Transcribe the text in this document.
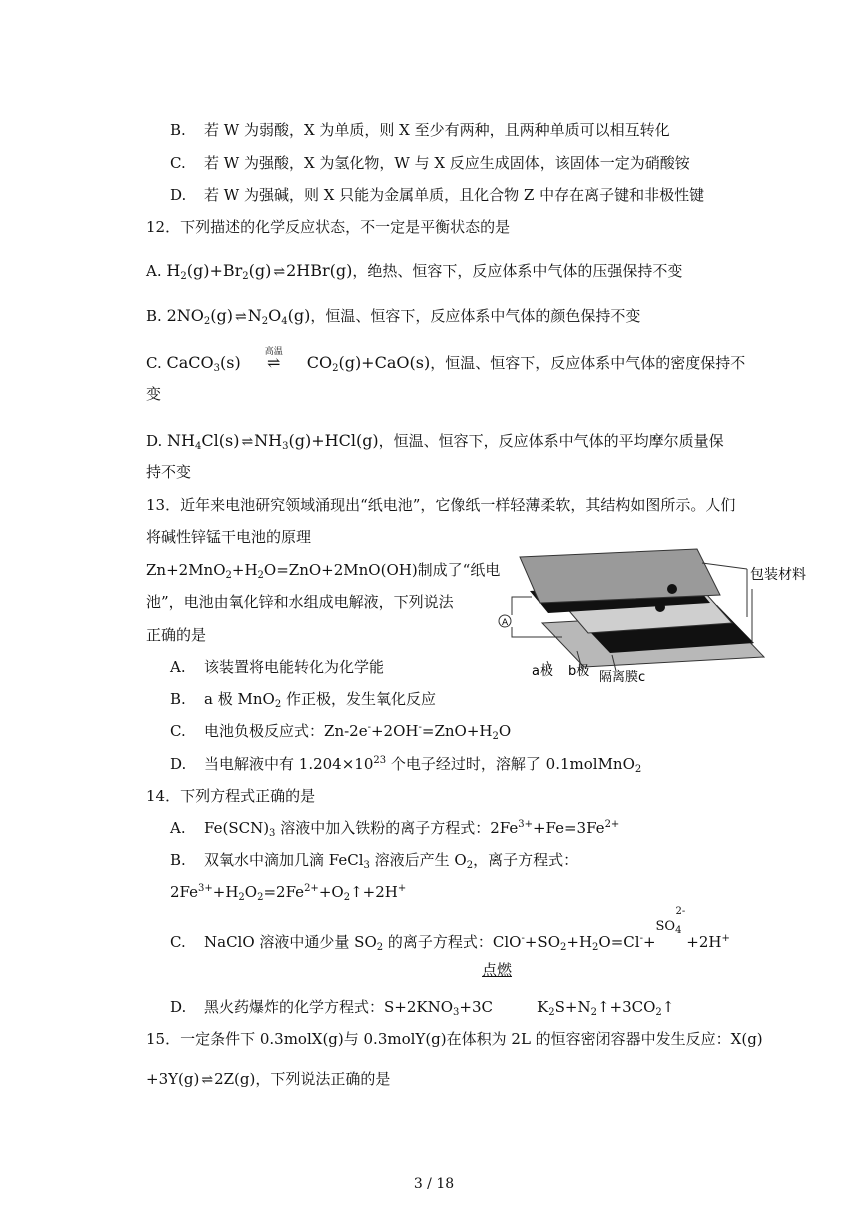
B. 若 W 为弱酸，X 为单质，则 X 至少有两种，且两种单质可以相互转化
C. 若 W 为强酸，X 为氢化物，W 与 X 反应生成固体，该固体一定为硝酸铵
D. 若 W 为强碱，则 X 只能为金属单质，且化合物 Z 中存在离子键和非极性键
12．下列描述的化学反应状态，不一定是平衡状态的是
A. $H_2(g)+Br_2(g)$ ⇌ 2HBr(g)，绝热、恒容下，反应体系中气体的压强保持不变
B. $2NO_2(g)$ ⇌ $N_2O_4(g)$，恒温、恒容下，反应体系中气体的颜色保持不变
C. CaCO$_3$(s)
高温
⇌ $CO_2(g)+CaO(s)$，恒温、恒容下，反应体系中气体的密度保持不
变
D. $NH_4Cl(s)$ ⇌ $NH_3(g)+HCl(g)$，恒温、恒容下，反应体系中气体的平均摩尔质量保
持不变
13．近年来电池研究领域涌现出“纸电池”，它像纸一样轻薄柔软，其结构如图所示。人们
将碱性锌锰干电池的原理
$Zn+2MnO_2+H_2O=ZnO+2MnO(OH)$制成了“纸电
池”，电池由氧化锌和水组成电解液，下列说法
正确的是
A. 该装置将电能转化为化学能
B. a 极 MnO$_2$ 作正极，发生氧化反应
C. 电池负极反应式：$Zn-2e^-+2OH^-=ZnO+H_2O$
D. 当电解液中有 $1.204\times 10^{23}$ 个电子经过时，溶解了 0.1molMnO$_2$
A
包装材料
a极 b极 隔离膜c
14．下列方程式正确的是
A. $Fe(SCN)_3$ 溶液中加入铁粉的离子方程式：$2Fe^{3+}+Fe=3Fe^{2+}$
B. 双氧水中滴加几滴 FeCl$_3$ 溶液后产生 $O_2$，离子方程式：
$2Fe^{3+}+H_2O_2=2Fe^{2+}+O_2↑+2H^+$
C. NaClO 溶液中通少量 $SO_2$ 的离子方程式：$ClO^-+SO_2+H_2O=Cl^-+$
$SO_4^{2-}$
+2H+
点燃
D. 黑火药爆炸的化学方程式：$S+2KNO_3+3C$	$K_2S+N_2↑+3CO_2↑$
15．一定条件下 0.3molX(g)与 0.3molY(g)在体积为 2L 的恒容密闭容器中发生反应：X(g)
+3Y(g) ⇌ 2Z(g)，下列说法正确的是
3 / 18
